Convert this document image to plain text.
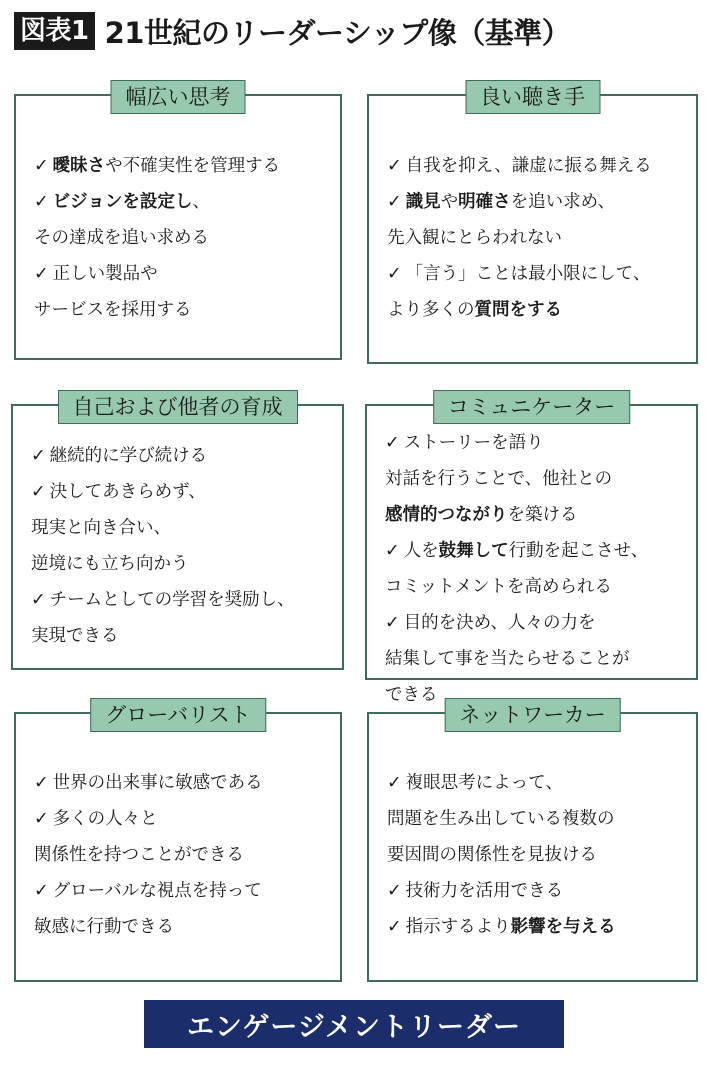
図表1 21世紀のリーダーシップ像（基準）
幅広い思考
✓ 曖昧さや不確実性を管理する
✓ ビジョンを設定し、
その達成を追い求める
✓ 正しい製品や
サービスを採用する
良い聴き手
✓ 自我を抑え、謙虚に振る舞える
✓ 識見や明確さを追い求め、
先入観にとらわれない
✓ 「言う」ことは最小限にして、
より多くの質問をする
自己および他者の育成
✓ 継続的に学び続ける
✓ 決してあきらめず、
現実と向き合い、
逆境にも立ち向かう
✓ チームとしての学習を奨励し、
実現できる
コミュニケーター
✓ ストーリーを語り
対話を行うことで、他社との
感情的つながりを築ける
✓ 人を鼓舞して行動を起こさせ、
コミットメントを高められる
✓ 目的を決め、人々の力を
結集して事を当たらせることが
できる
グローバリスト
✓ 世界の出来事に敏感である
✓ 多くの人々と
関係性を持つことができる
✓ グローバルな視点を持って
敏感に行動できる
ネットワーカー
✓ 複眼思考によって、
問題を生み出している複数の
要因間の関係性を見抜ける
✓ 技術力を活用できる
✓ 指示するより影響を与える
エンゲージメントリーダー
